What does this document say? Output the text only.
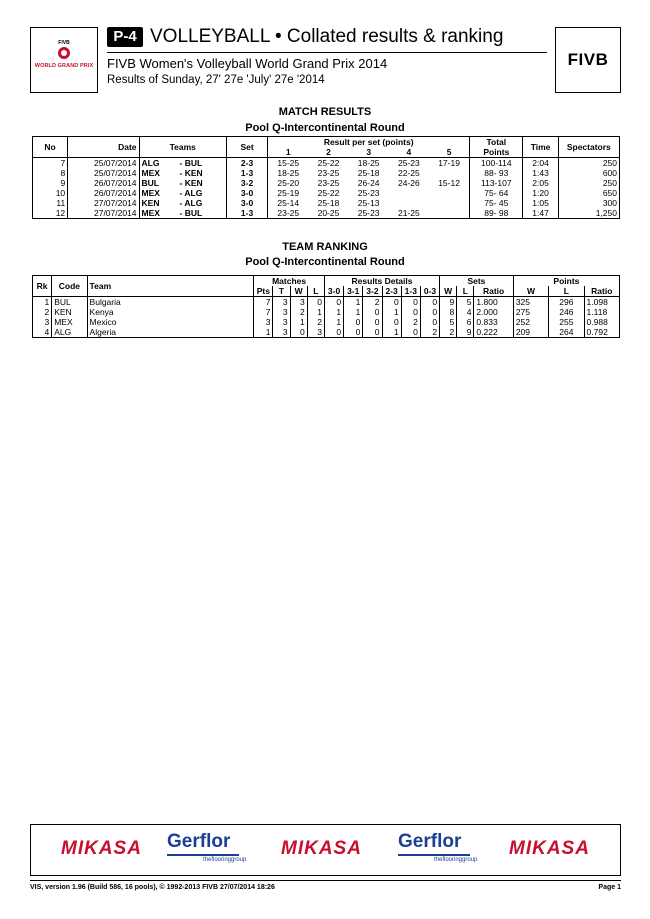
FIVB
WORLD GRAND PRIX
P-4 VOLLEYBALL • Collated results & ranking
FIVB Women's Volleyball World Grand Prix 2014
Results of Sunday, 27' 27e 'July' 27e '2014
FIVB
MATCH RESULTS
Pool Q-Intercontinental Round
No	Date	Teams	Set	Result per set (points)					Total	Time	Spectators
				1	2	3	4	5	Points		
7	25/07/2014	ALG - BUL	2-3	15-25	25-22	18-25	25-23	17-19	100-114	2:04	250
8	25/07/2014	MEX - KEN	1-3	18-25	23-25	25-18	22-25		88- 93	1:43	600
9	26/07/2014	BUL - KEN	3-2	25-20	23-25	26-24	24-26	15-12	113-107	2:05	250
10	26/07/2014	MEX - ALG	3-0	25-19	25-22	25-23			75- 64	1:20	650
11	27/07/2014	KEN - ALG	3-0	25-14	25-18	25-13			75- 45	1:05	300
12	27/07/2014	MEX - BUL	1-3	23-25	20-25	25-23	21-25		89- 98	1:47	1,250
TEAM RANKING
Pool Q-Intercontinental Round
Rk	Code	Team	Matches				Results Details						Sets			Points		
			Pts	T	W	L	3-0	3-1	3-2	2-3	1-3	0-3	W	L	Ratio	W	L	Ratio
1	BUL	Bulgaria	7	3	3	0	0	1	2	0	0	0	9	5	1.800	325	296	1.098
2	KEN	Kenya	7	3	2	1	1	1	0	1	0	0	8	4	2.000	275	246	1.118
3	MEX	Mexico	3	3	1	2	1	0	0	0	2	0	5	6	0.833	252	255	0.988
4	ALG	Algeria	1	3	0	3	0	0	0	1	0	2	2	9	0.222	209	264	0.792
MIKASA Gerflor
theflooringgroup
MIKASA Gerflor
theflooringgroup
MIKASA
VIS, version 1.96 (Build 586, 16 pools), © 1992-2013 FIVB 27/07/2014 18:26	Page 1
